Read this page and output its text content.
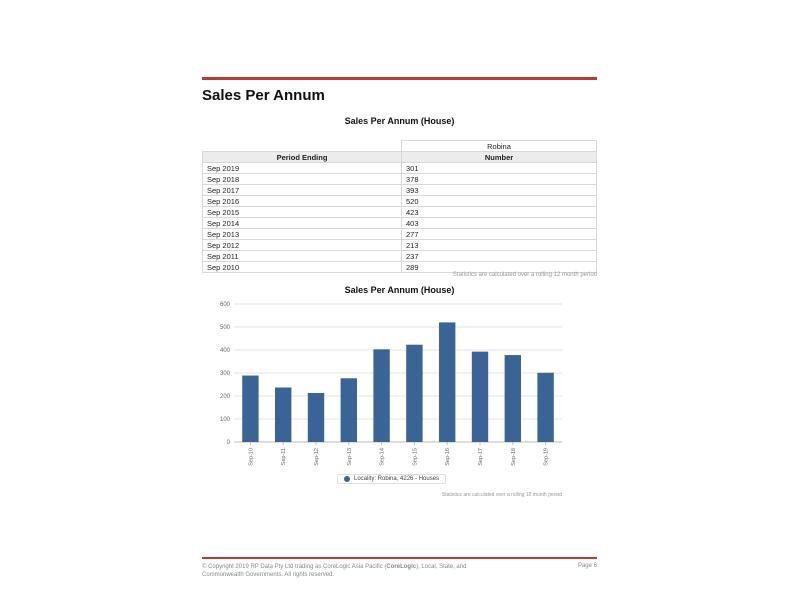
Sales Per Annum
Sales Per Annum (House)
	Robina
Period Ending	Number
Sep 2019	301
Sep 2018	378
Sep 2017	393
Sep 2016	520
Sep 2015	423
Sep 2014	403
Sep 2013	277
Sep 2012	213
Sep 2011	237
Sep 2010	289
Statistics are calculated over a rolling 12 month period
Sales Per Annum (House)
0
100
200
300
400
500
600
Sep-10	Sep-11	Sep-12	Sep-13	Sep-14	Sep-15	Sep-16	Sep-17	Sep-18	Sep-19
Locality: Robina, 4226 - Houses
Statistics are calculated over a rolling 12 month period
© Copyright 2019 RP Data Pty Ltd trading as CoreLogic Asia Pacific (CoreLogic), Local, State, and Commonwealth Governments. All rights reserved.
Page 6
